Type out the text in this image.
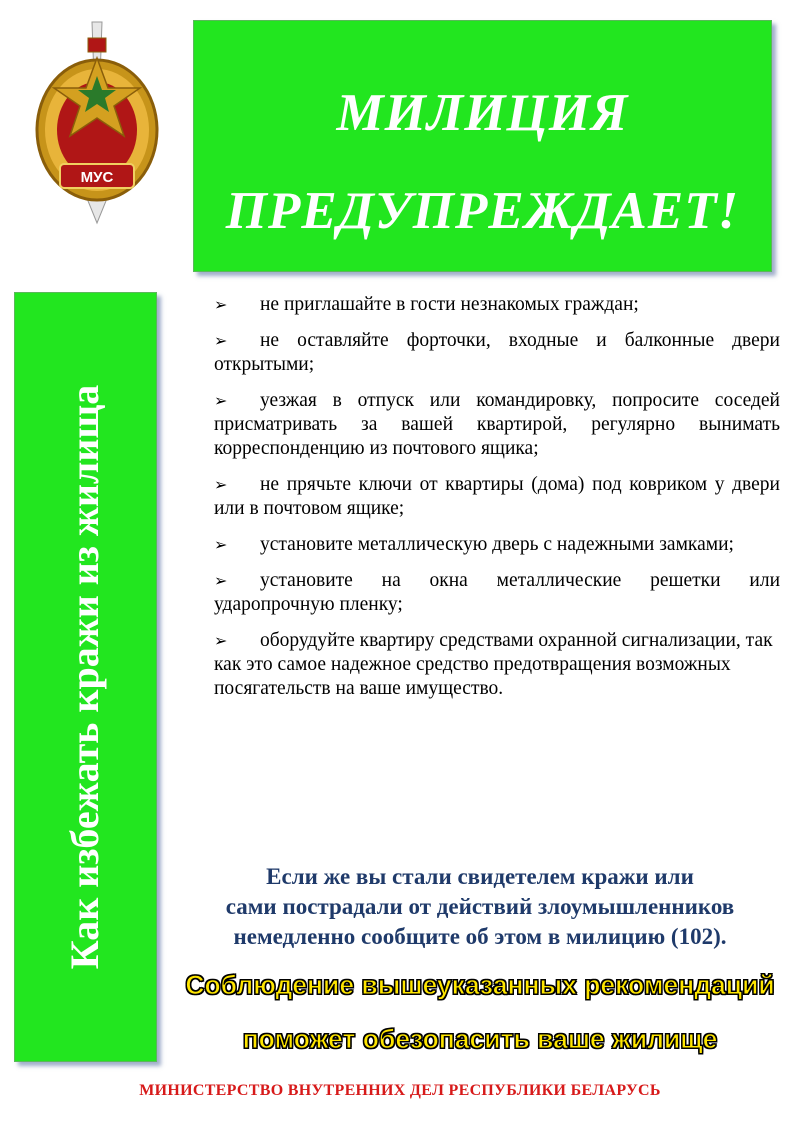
МУС
МИЛИЦИЯ
ПРЕДУПРЕЖДАЕТ!
Как избежать кражи из жилища
➢ не приглашайте в гости незнакомых граждан;
➢ не оставляйте форточки, входные и балконные двери открытыми;
➢ уезжая в отпуск или командировку, попросите соседей присматривать за вашей квартирой, регулярно вынимать корреспонденцию из почтового ящика;
➢ не прячьте ключи от квартиры (дома) под ковриком у двери или в почтовом ящике;
➢ установите металлическую дверь с надежными замками;
➢ установите на окна металлические решетки или ударопрочную пленку;
➢ оборудуйте квартиру средствами охранной сигнализации, так как это самое надежное средство предотвращения возможных посягательств на ваше имущество.
Если же вы стали свидетелем кражи или
сами пострадали от действий злоумышленников
немедленно сообщите об этом в милицию (102).
Соблюдение вышеуказанных рекомендаций
поможет обезопасить ваше жилище
МИНИСТЕРСТВО ВНУТРЕННИХ ДЕЛ РЕСПУБЛИКИ БЕЛАРУСЬ
